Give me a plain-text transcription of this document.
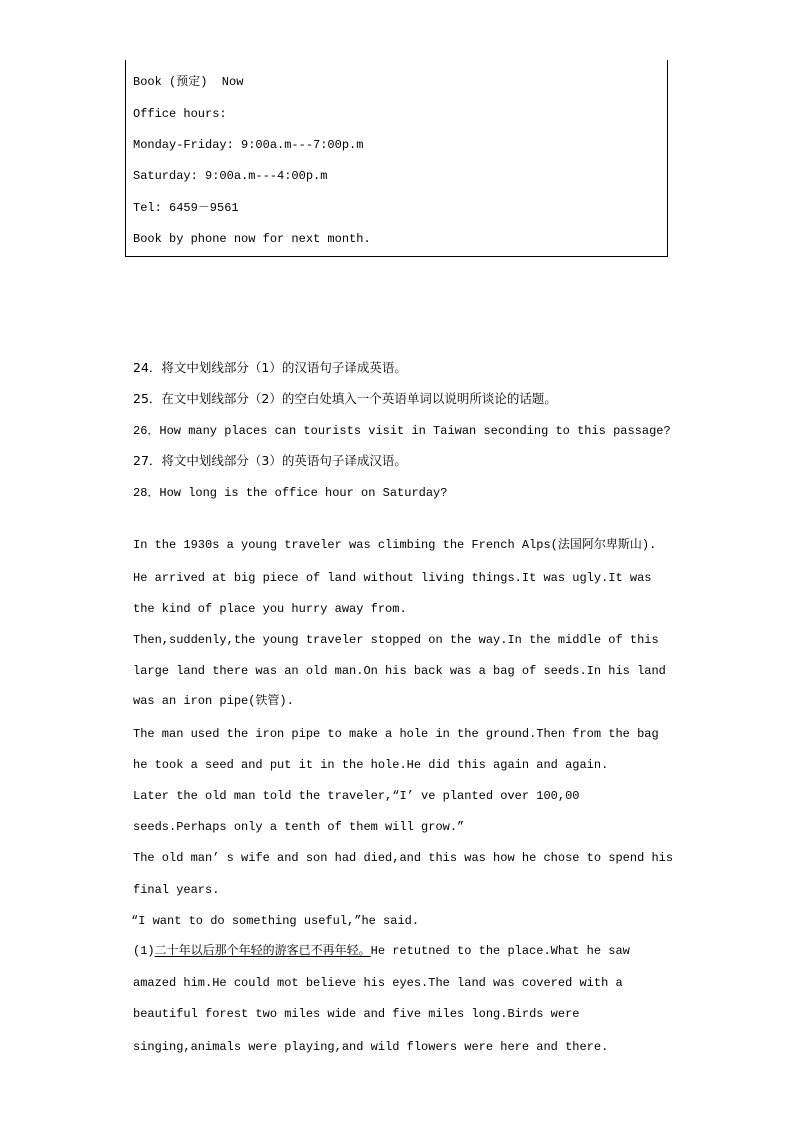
Book (预定)  Now
Office hours:
Monday-Friday: 9:00a.m---7:00p.m
Saturday: 9:00a.m---4:00p.m
Tel: 6459－9561
Book by phone now for next month.
24．将文中划线部分（1）的汉语句子译成英语。
25．在文中划线部分（2）的空白处填入一个英语单词以说明所谈论的话题。
26．How many places can tourists visit in Taiwan seconding to this passage?
27．将文中划线部分（3）的英语句子译成汉语。
28．How long is the office hour on Saturday?
In the 1930s a young traveler was climbing the French Alps(法国阿尔卑斯山).
He arrived at big piece of land without living things.It was ugly.It was
the kind of place you hurry away from.
Then,suddenly,the young traveler stopped on the way.In the middle of this
large land there was an old man.On his back was a bag of seeds.In his land
was an iron pipe(铁管).
The man used the iron pipe to make a hole in the ground.Then from the bag
he took a seed and put it in the hole.He did this again and again.
Later the old man told the traveler,“I’ ve planted over 100,00
seeds.Perhaps only a tenth of them will grow.”
The old man’ s wife and son had died,and this was how he chose to spend his
final years.
“I want to do something useful,”he said.
(1)二十年以后那个年轻的游客已不再年轻。He retutned to the place.What he saw
amazed him.He could mot believe his eyes.The land was covered with a
beautiful forest two miles wide and five miles long.Birds were
singing,animals were playing,and wild flowers were here and there.
